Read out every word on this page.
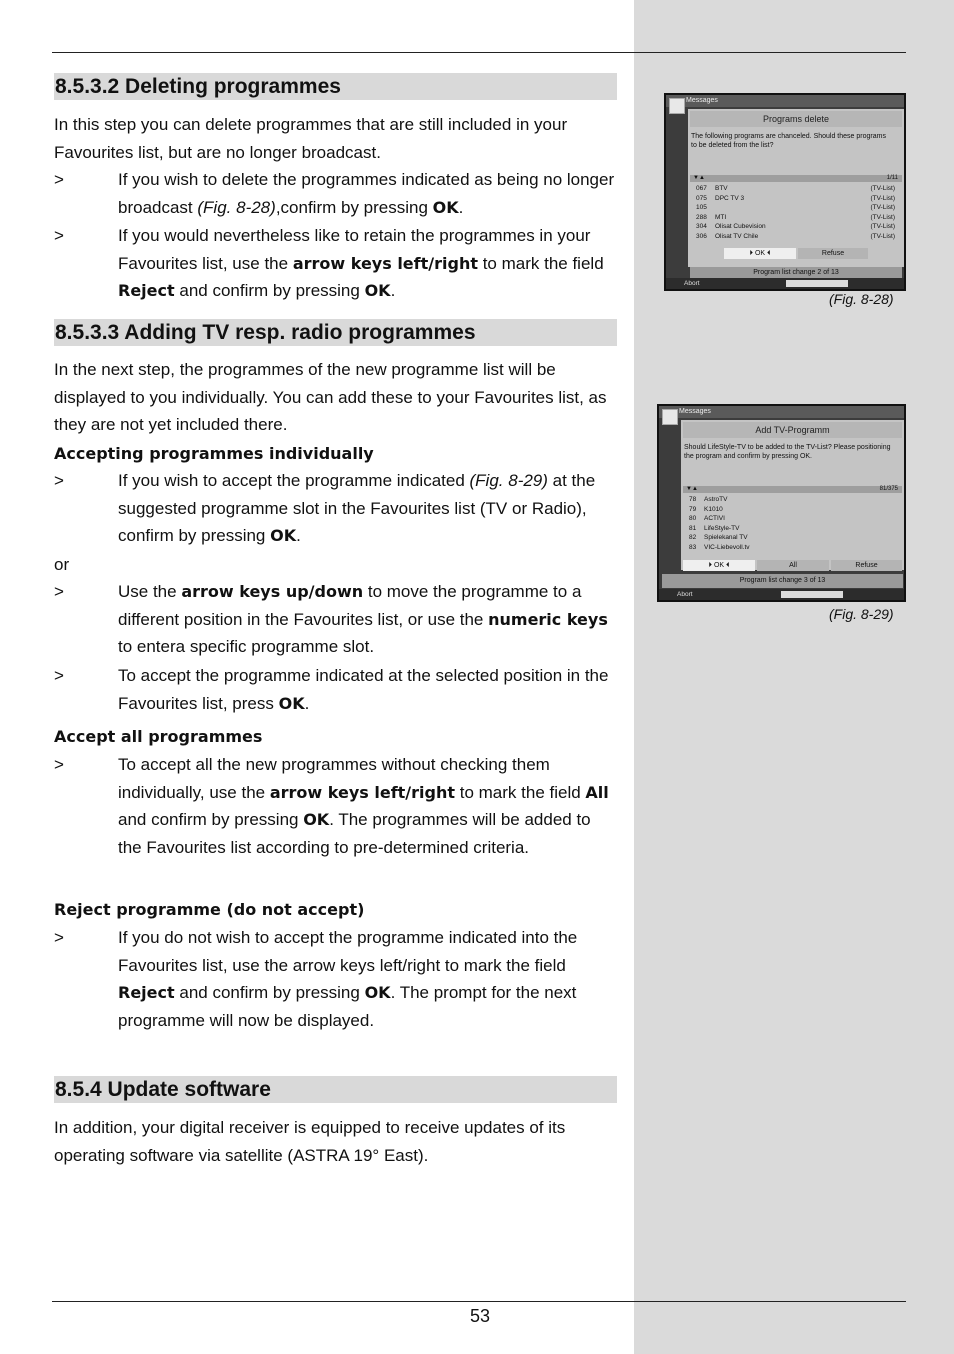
8.5.3.2 Deleting programmes
In this step you can delete programmes that are still included in your Favourites list, but are no longer broadcast.
>	If you wish to delete the programmes indicated as being no longer broadcast (Fig. 8-28),confirm by pressing OK.
>	If you would nevertheless like to retain the programmes in your Favourites list, use the arrow keys left/right to mark the field Reject and confirm by pressing OK.
8.5.3.3 Adding TV resp. radio programmes
In the next step, the programmes of the new programme list will be displayed to you individually. You can add these to your Favourites list, as they are not yet included there.
Accepting programmes individually
>	If you wish to accept the programme indicated (Fig. 8-29) at the suggested programme slot in the Favourites list (TV or Radio), confirm by pressing OK.
or
>	Use the arrow keys up/down to move the programme to a different position in the Favourites list, or use the numeric keys to entera specific programme slot.
>	To accept the programme indicated at the selected position in the Favourites list, press OK.
Accept all programmes
>	To accept all the new programmes without checking them individually, use the arrow keys left/right to mark the field All and confirm by pressing OK. The programmes will be added to the Favourites list according to pre-determined criteria.
Reject programme (do not accept)
>	If you do not wish to accept the programme indicated into the Favourites list, use the arrow keys left/right to mark the field Reject and confirm by pressing OK. The prompt for the next programme will now be displayed.
8.5.4 Update software
In addition, your digital receiver is equipped to receive updates of its operating software via satellite (ASTRA 19° East).
Messages
Programs delete
The following programs are chanceled. Should these programs to be deleted from the list?
▼▲	1/11
067 BTV	(TV-List)
075 DPC TV 3	(TV-List)
105	(TV-List)
288 MTI	(TV-List)
304 Olisat Cubevision	(TV-List)
306 Olisat TV Chile	(TV-List)
⏵ OK ⏴	Refuse
Program list change 2 of 13
Abort
(Fig. 8-28)
Messages
Add TV-Programm
Should LifeStyle-TV to be added to the TV-List? Please positioning the program and confirm by pressing OK.
▼▲	81/375
78 AstroTV
79 K1010
80 ACTIVI
81 LifeStyle-TV
82 Spielekanal TV
83 VIC-Liebevoll.tv
⏵ OK ⏴	All	Refuse
Program list change 3 of 13
Abort
(Fig. 8-29)
53
